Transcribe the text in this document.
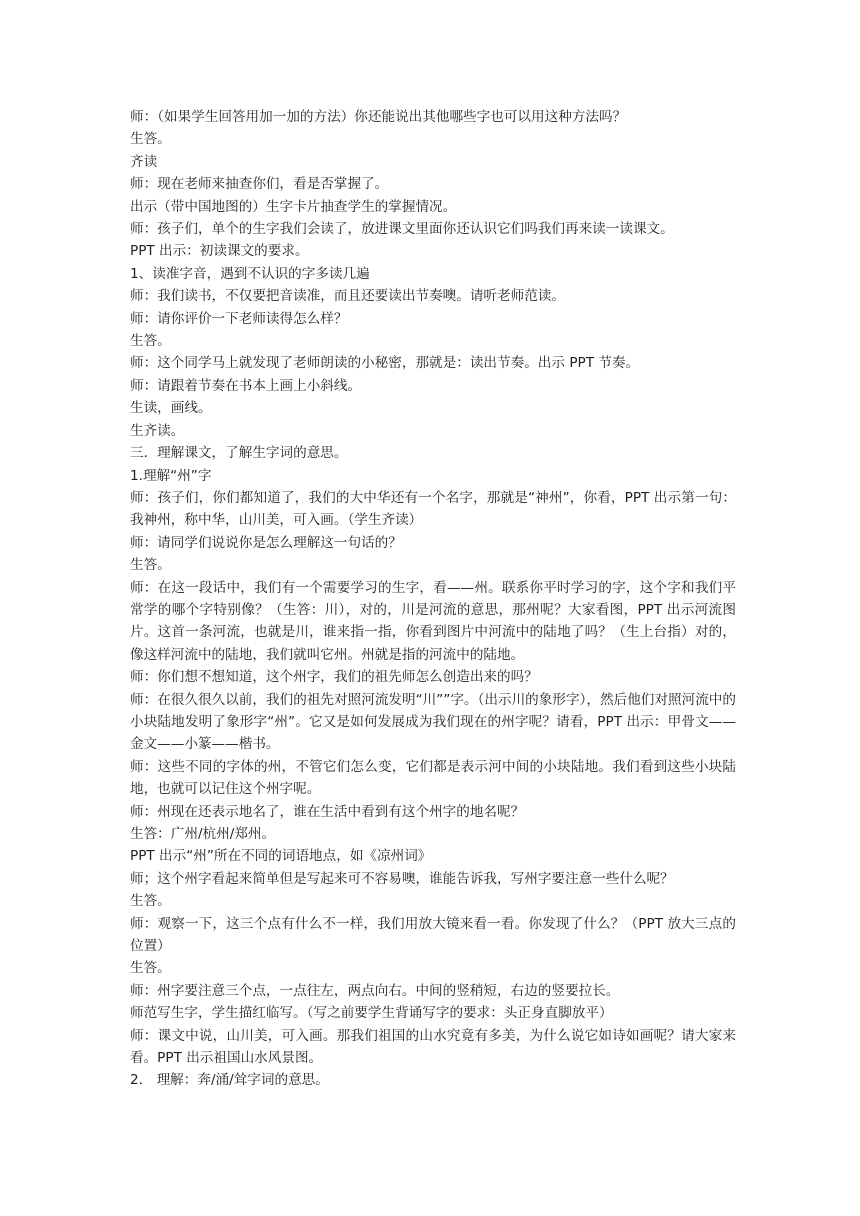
师：（如果学生回答用加一加的方法）你还能说出其他哪些字也可以用这种方法吗？

生答。

齐读

师：现在老师来抽查你们，看是否掌握了。

出示（带中国地图的）生字卡片抽查学生的掌握情况。

师：孩子们，单个的生字我们会读了，放进课文里面你还认识它们吗我们再来读一读课文。

PPT 出示：初读课文的要求。

1、读准字音，遇到不认识的字多读几遍

师：我们读书，不仅要把音读准，而且还要读出节奏噢。请听老师范读。

师：请你评价一下老师读得怎么样？

生答。

师：这个同学马上就发现了老师朗读的小秘密，那就是：读出节奏。出示 PPT 节奏。

师：请跟着节奏在书本上画上小斜线。

生读，画线。

生齐读。

三．理解课文，了解生字词的意思。

1.理解“州”字

师：孩子们，你们都知道了，我们的大中华还有一个名字，那就是“神州”，你看，PPT 出示第一句：我神州，称中华，山川美，可入画。（学生齐读）

师：请同学们说说你是怎么理解这一句话的？

生答。

师：在这一段话中，我们有一个需要学习的生字，看——州。联系你平时学习的字，这个字和我们平常学的哪个字特别像？（生答：川），对的，川是河流的意思，那州呢？大家看图，PPT 出示河流图片。这首一条河流，也就是川，谁来指一指，你看到图片中河流中的陆地了吗？（生上台指）对的，像这样河流中的陆地，我们就叫它州。州就是指的河流中的陆地。

师：你们想不想知道，这个州字，我们的祖先师怎么创造出来的吗？

师：在很久很久以前，我们的祖先对照河流发明“川””字。（出示川的象形字），然后他们对照河流中的小块陆地发明了象形字“州”。它又是如何发展成为我们现在的州字呢？请看，PPT 出示：甲骨文——金文——小篆——楷书。

师：这些不同的字体的州，不管它们怎么变，它们都是表示河中间的小块陆地。我们看到这些小块陆地，也就可以记住这个州字呢。

师：州现在还表示地名了，谁在生活中看到有这个州字的地名呢？

生答：广州/杭州/郑州。

PPT 出示“州”所在不同的词语地点，如《凉州词》

师；这个州字看起来简单但是写起来可不容易噢，谁能告诉我，写州字要注意一些什么呢？

生答。

师：观察一下，这三个点有什么不一样，我们用放大镜来看一看。你发现了什么？（PPT 放大三点的位置）

生答。

师：州字要注意三个点，一点往左，两点向右。中间的竖稍短，右边的竖要拉长。

师范写生字，学生描红临写。（写之前要学生背诵写字的要求：头正身直脚放平）

师：课文中说，山川美，可入画。那我们祖国的山水究竟有多美，为什么说它如诗如画呢？请大家来看。PPT 出示祖国山水风景图。

2.　理解：奔/涌/耸字词的意思。
